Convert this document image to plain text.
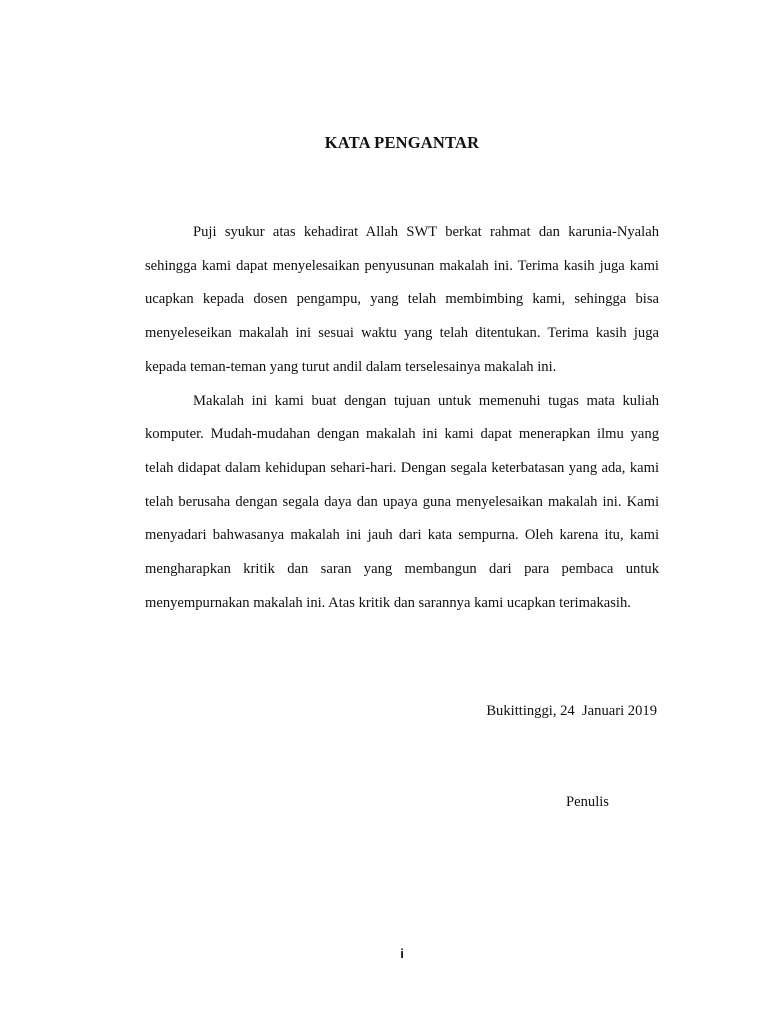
KATA PENGANTAR

Puji syukur atas kehadirat Allah SWT berkat rahmat dan karunia-Nyalah sehingga kami dapat menyelesaikan penyusunan makalah ini. Terima kasih juga kami ucapkan kepada dosen pengampu, yang telah membimbing kami, sehingga bisa menyeleseikan makalah ini sesuai waktu yang telah ditentukan. Terima kasih juga kepada teman-teman yang turut andil dalam terselesainya makalah ini.

Makalah ini kami buat dengan tujuan untuk memenuhi tugas mata kuliah komputer. Mudah-mudahan dengan makalah ini kami dapat menerapkan ilmu yang telah didapat dalam kehidupan sehari-hari. Dengan segala keterbatasan yang ada, kami telah berusaha dengan segala daya dan upaya guna menyelesaikan makalah ini. Kami menyadari bahwasanya makalah ini jauh dari kata sempurna. Oleh karena itu, kami mengharapkan kritik dan saran yang membangun dari para pembaca untuk menyempurnakan makalah ini. Atas kritik dan sarannya kami ucapkan terimakasih.

Bukittinggi, 24  Januari 2019
Penulis
i
